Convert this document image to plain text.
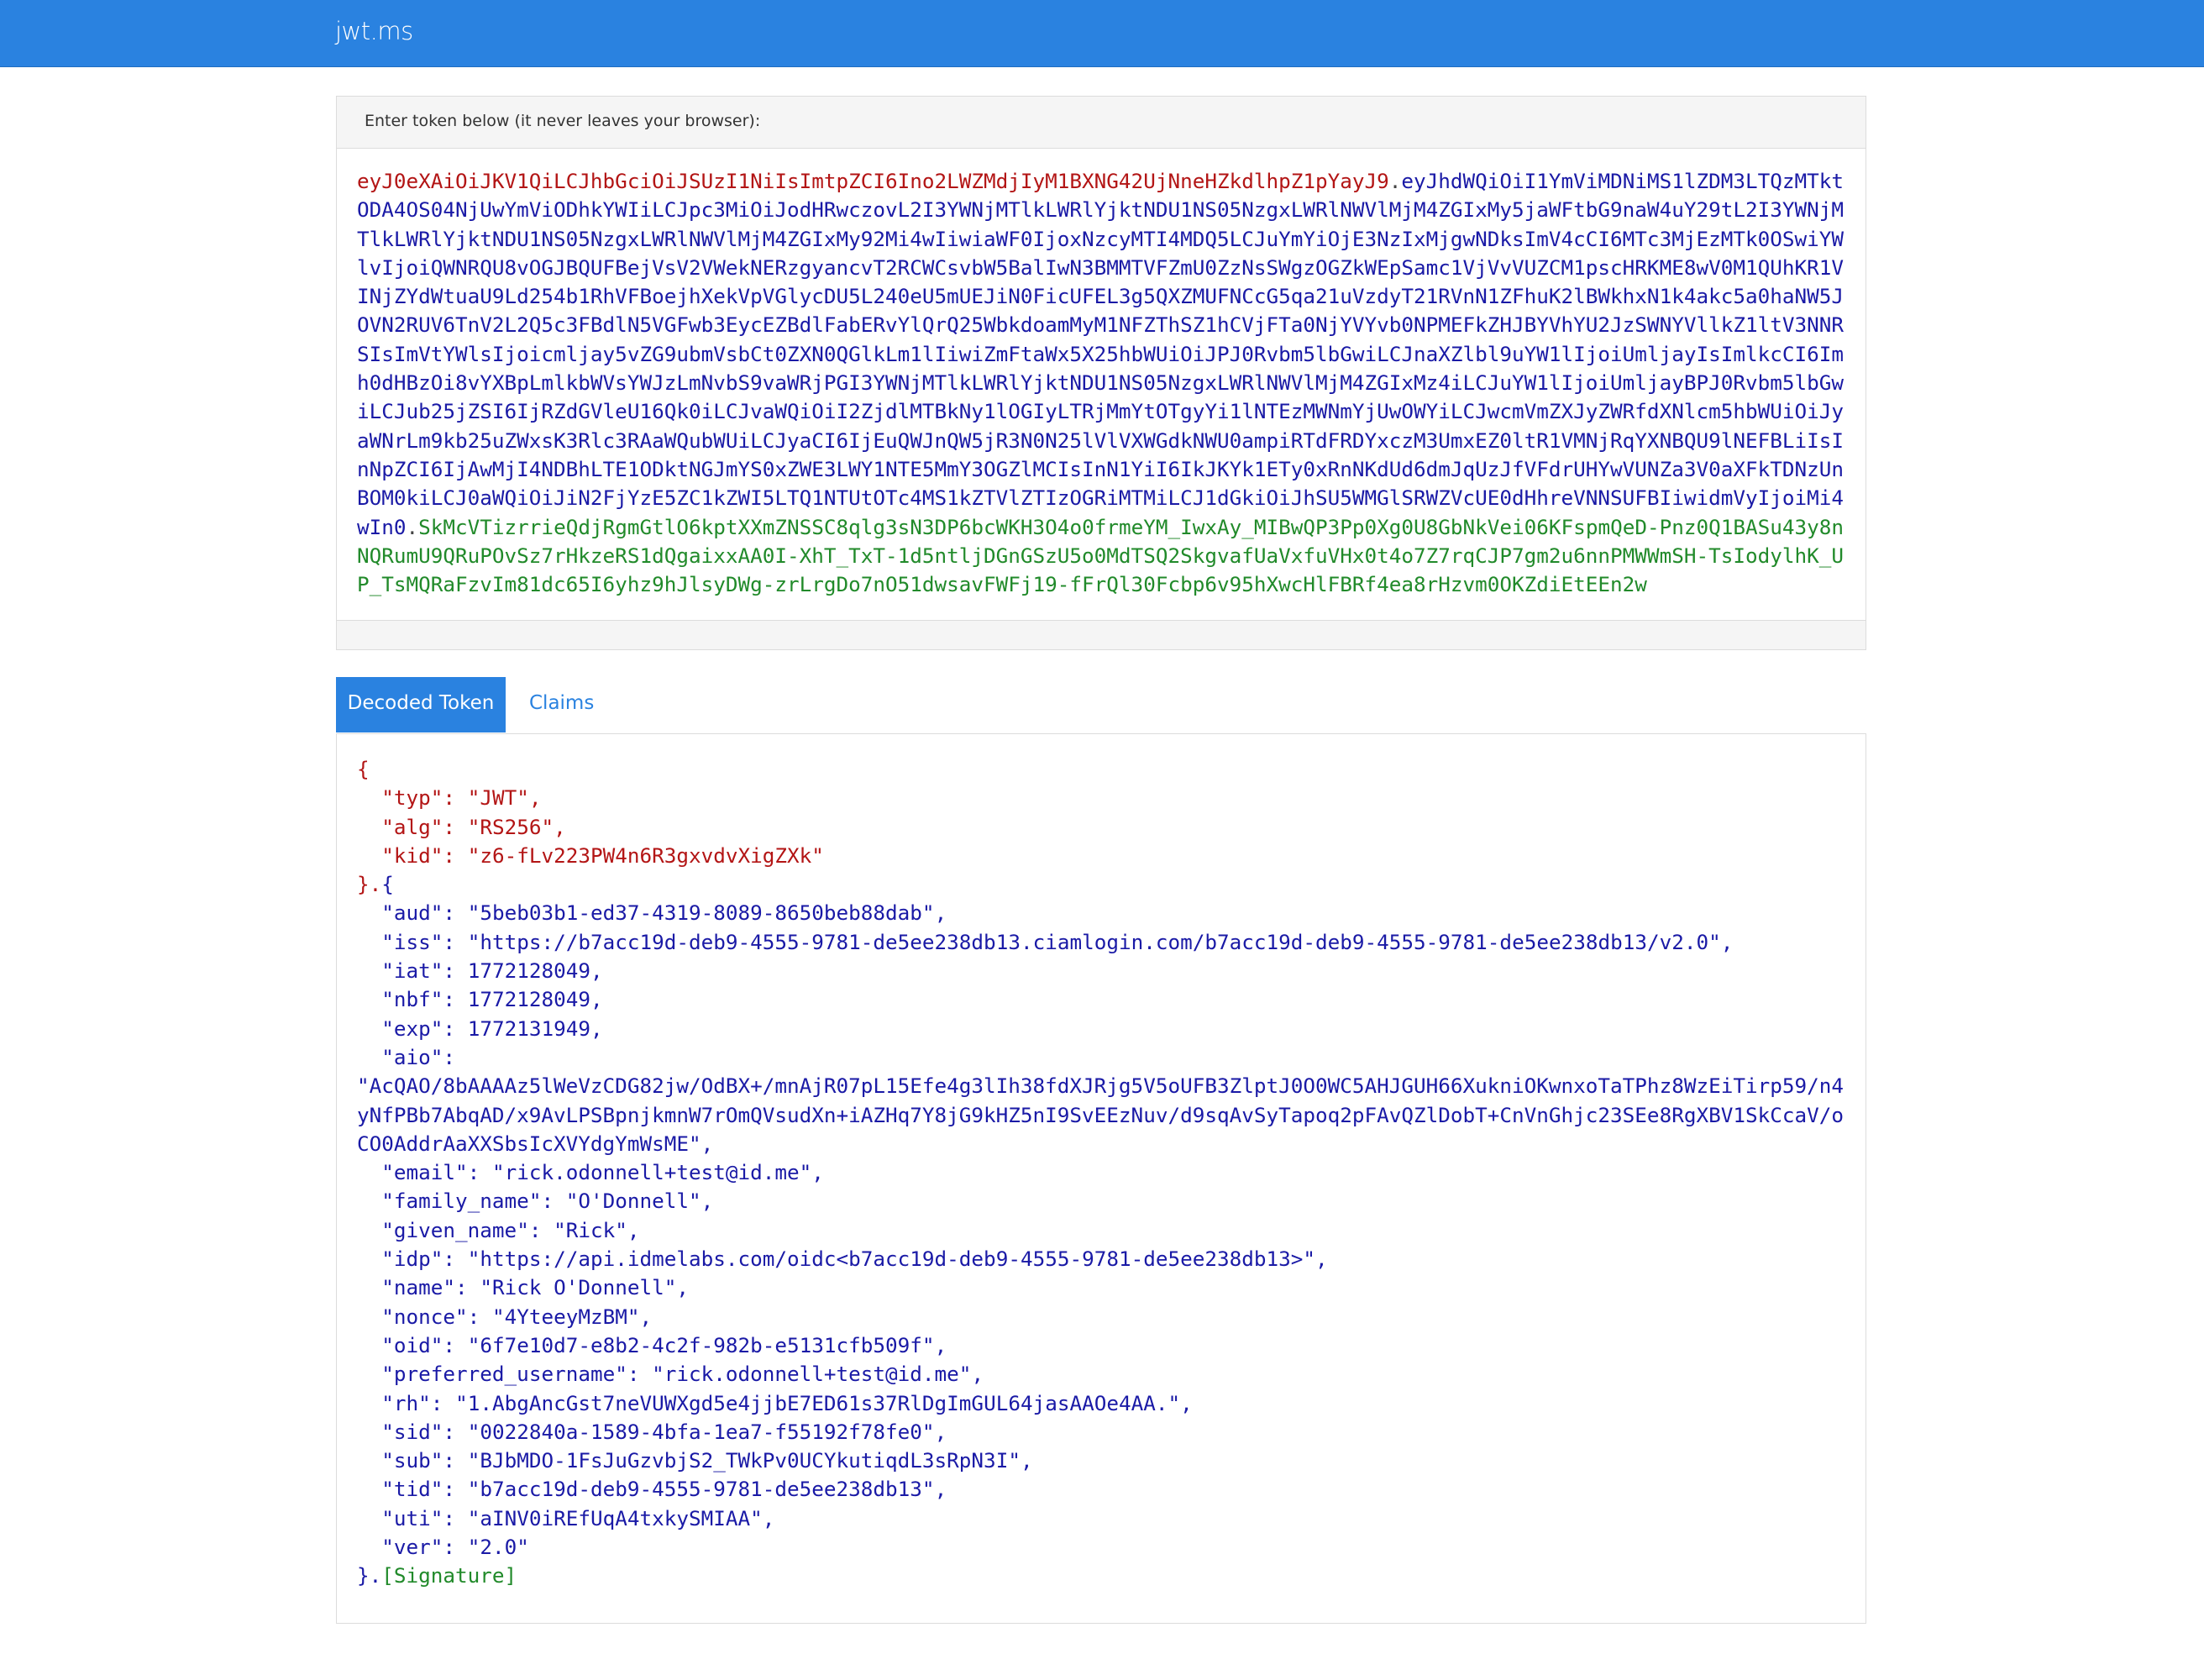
jwt.ms
Enter token below (it never leaves your browser):
eyJ0eXAiOiJKV1QiLCJhbGciOiJSUzI1NiIsImtpZCI6Ino2LWZMdjIyM1BXNG42UjNneHZkdlhpZ1pYayJ9.eyJhdWQiOiI1YmViMDNiMS1lZDM3LTQzMTktODA4OS04NjUwYmViODhkYWIiLCJpc3MiOiJodHRwczovL2I3YWNjMTlkLWRlYjktNDU1NS05NzgxLWRlNWVlMjM4ZGIxMy5jaWFtbG9naW4uY29tL2I3YWNjMTlkLWRlYjktNDU1NS05NzgxLWRlNWVlMjM4ZGIxMy92Mi4wIiwiaWF0IjoxNzcyMTI4MDQ5LCJuYmYiOjE3NzIxMjgwNDksImV4cCI6MTc3MjEzMTk0OSwiYWlvIjoiQWNRQU8vOGJBQUFBejVsV2VWekNERzgyancvT2RCWCsvbW5BalIwN3BMMTVFZmU0ZzNsSWgzOGZkWEpSamc1VjVvVUZCM1pscHRKME8wV0M1QUhKR1VINjZYdWtuaU9Ld254b1RhVFBoejhXekVpVGlycDU5L240eU5mUEJiN0FicUFEL3g5QXZMUFNCcG5qa21uVzdyT21RVnN1ZFhuK2lBWkhxN1k4akc5a0haNW5JOVN2RUV6TnV2L2Q5c3FBdlN5VGFwb3EycEZBdlFabERvYlQrQ25WbkdoamMyM1NFZThSZ1hCVjFTa0NjYVYvb0NPMEFkZHJBYVhYU2JzSWNYVllkZ1ltV3NNRSIsImVtYWlsIjoicmljay5vZG9ubmVsbCt0ZXN0QGlkLm1lIiwiZmFtaWx5X25hbWUiOiJPJ0Rvbm5lbGwiLCJnaXZlbl9uYW1lIjoiUmljayIsImlkcCI6Imh0dHBzOi8vYXBpLmlkbWVsYWJzLmNvbS9vaWRjPGI3YWNjMTlkLWRlYjktNDU1NS05NzgxLWRlNWVlMjM4ZGIxMz4iLCJuYW1lIjoiUmljayBPJ0Rvbm5lbGwiLCJub25jZSI6IjRZdGVleU16Qk0iLCJvaWQiOiI2ZjdlMTBkNy1lOGIyLTRjMmYtOTgyYi1lNTEzMWNmYjUwOWYiLCJwcmVmZXJyZWRfdXNlcm5hbWUiOiJyaWNrLm9kb25uZWxsK3Rlc3RAaWQubWUiLCJyaCI6IjEuQWJnQW5jR3N0N25lVlVXWGdkNWU0ampiRTdFRDYxczM3UmxEZ0ltR1VMNjRqYXNBQU9lNEFBLiIsInNpZCI6IjAwMjI4NDBhLTE1ODktNGJmYS0xZWE3LWY1NTE5MmY3OGZlMCIsInN1YiI6IkJKYk1ETy0xRnNKdUd6dmJqUzJfVFdrUHYwVUNZa3V0aXFkTDNzUnBOM0kiLCJ0aWQiOiJiN2FjYzE5ZC1kZWI5LTQ1NTUtOTc4MS1kZTVlZTIzOGRiMTMiLCJ1dGkiOiJhSU5WMGlSRWZVcUE0dHhreVNNSUFBIiwidmVyIjoiMi4wIn0.SkMcVTizrrieQdjRgmGtlO6kptXXmZNSSC8qlg3sN3DP6bcWKH3O4o0frmeYM_IwxAy_MIBwQP3Pp0Xg0U8GbNkVei06KFspmQeD-Pnz0Q1BASu43y8nNQRumU9QRuPOvSz7rHkzeRS1dQgaixxAA0I-XhT_TxT-1d5ntljDGnGSzU5o0MdTSQ2SkgvafUaVxfuVHx0t4o7Z7rqCJP7gm2u6nnPMWWmSH-TsIodylhK_UP_TsMQRaFzvIm81dc65I6yhz9hJlsyDWg-zrLrgDo7nO51dwsavFWFj19-fFrQl30Fcbp6v95hXwcHlFBRf4ea8rHzvm0OKZdiEtEEn2w
Decoded Token	Claims
{
"typ": "JWT",
"alg": "RS256",
"kid": "z6-fLv223PW4n6R3gxvdvXigZXk"
}.{
"aud": "5beb03b1-ed37-4319-8089-8650beb88dab",
"iss": "https://b7acc19d-deb9-4555-9781-de5ee238db13.ciamlogin.com/b7acc19d-deb9-4555-9781-de5ee238db13/v2.0",
"iat": 1772128049,
"nbf": 1772128049,
"exp": 1772131949,
"aio":
"AcQAO/8bAAAAz5lWeVzCDG82jw/OdBX+/mnAjR07pL15Efe4g3lIh38fdXJRjg5V5oUFB3ZlptJ0O0WC5AHJGUH66XukniOKwnxoTaTPhz8WzEiTirp59/n4yNfPBb7AbqAD/x9AvLPSBpnjkmnW7rOmQVsudXn+iAZHq7Y8jG9kHZ5nI9SvEEzNuv/d9sqAvSyTapoq2pFAvQZlDobT+CnVnGhjc23SEe8RgXBV1SkCcaV/oCO0AddrAaXXSbsIcXVYdgYmWsME",
"email": "rick.odonnell+test@id.me",
"family_name": "O'Donnell",
"given_name": "Rick",
"idp": "https://api.idmelabs.com/oidc<b7acc19d-deb9-4555-9781-de5ee238db13>",
"name": "Rick O'Donnell",
"nonce": "4YteeyMzBM",
"oid": "6f7e10d7-e8b2-4c2f-982b-e5131cfb509f",
"preferred_username": "rick.odonnell+test@id.me",
"rh": "1.AbgAncGst7neVUWXgd5e4jjbE7ED61s37RlDgImGUL64jasAAOe4AA.",
"sid": "0022840a-1589-4bfa-1ea7-f55192f78fe0",
"sub": "BJbMDO-1FsJuGzvbjS2_TWkPv0UCYkutiqdL3sRpN3I",
"tid": "b7acc19d-deb9-4555-9781-de5ee238db13",
"uti": "aINV0iREfUqA4txkySMIAA",
"ver": "2.0"
}.[Signature]
